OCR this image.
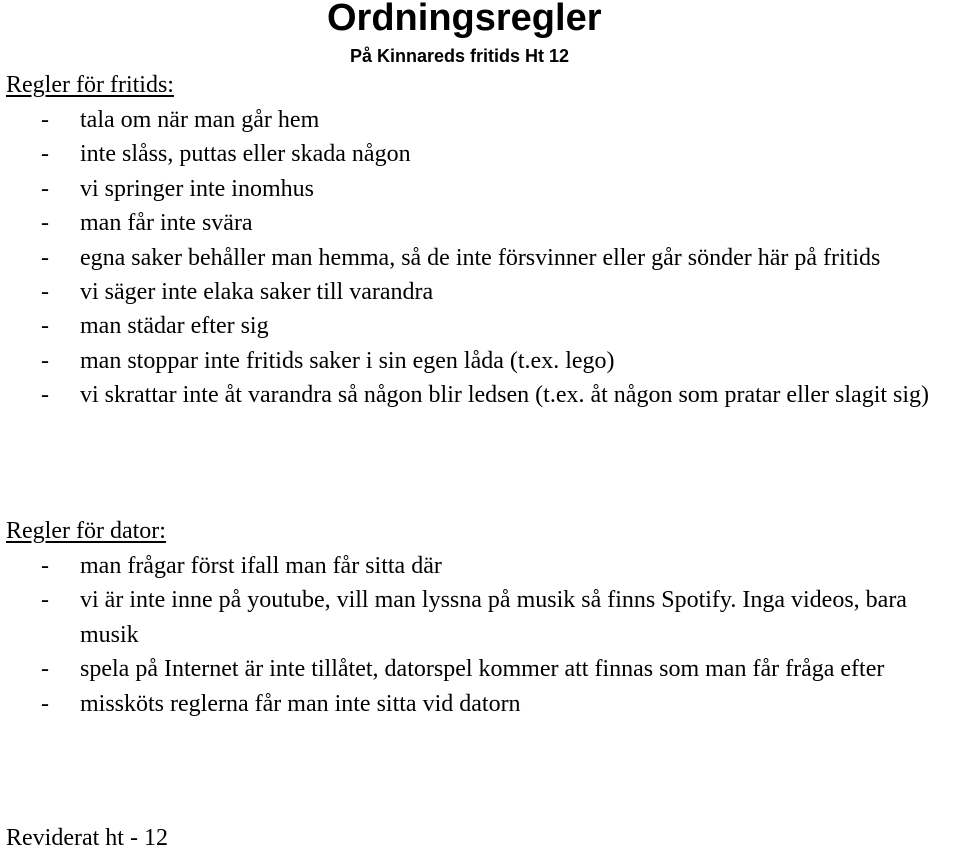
Ordningsregler

På Kinnareds fritids Ht 12

Regler för fritids:

- tala om när man går hem
- inte slåss, puttas eller skada någon
- vi springer inte inomhus
- man får inte svära
- egna saker behåller man hemma, så de inte försvinner eller går sönder här på fritids
- vi säger inte elaka saker till varandra
- man städar efter sig
- man stoppar inte fritids saker i sin egen låda (t.ex. lego)
- vi skrattar inte åt varandra så någon blir ledsen (t.ex. åt någon som pratar eller slagit sig)

Regler för dator:

- man frågar först ifall man får sitta där
- vi är inte inne på youtube, vill man lyssna på musik så finns Spotify. Inga videos, bara musik
- spela på Internet är inte tillåtet, datorspel kommer att finnas som man får fråga efter
- missköts reglerna får man inte sitta vid datorn

Reviderat ht - 12
